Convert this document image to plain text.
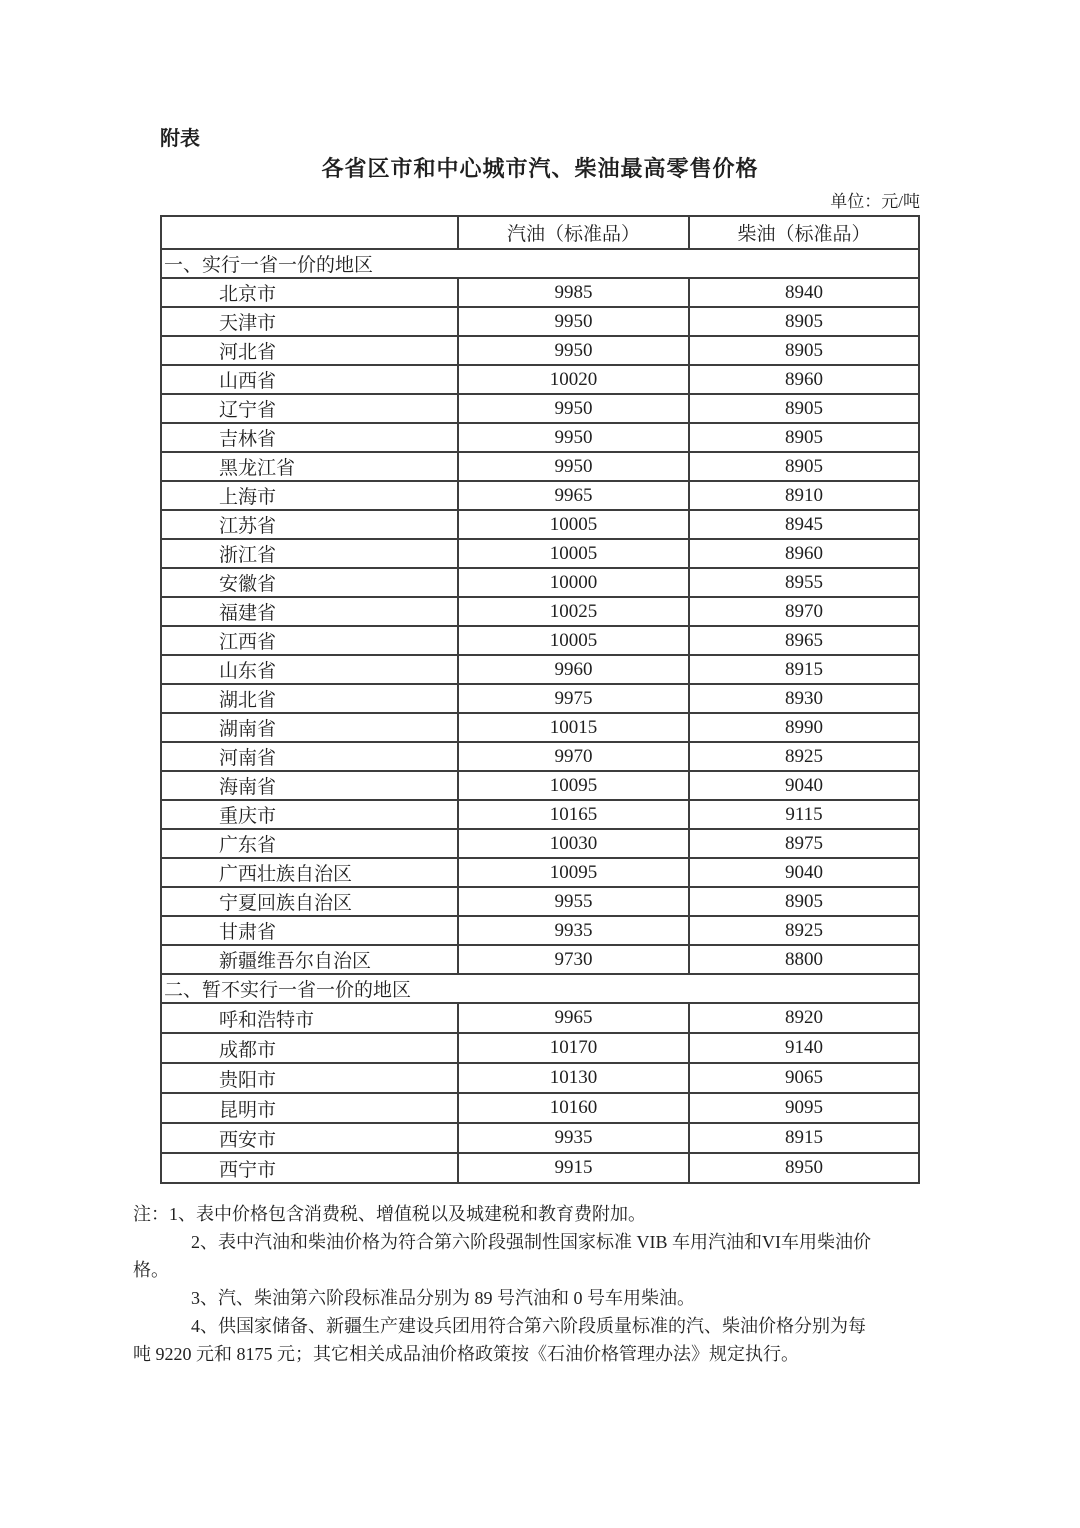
附表
各省区市和中心城市汽、柴油最高零售价格
单位：元/吨
	汽油（标准品）	柴油（标准品）
一、实行一省一价的地区		
北京市	9985	8940
天津市	9950	8905
河北省	9950	8905
山西省	10020	8960
辽宁省	9950	8905
吉林省	9950	8905
黑龙江省	9950	8905
上海市	9965	8910
江苏省	10005	8945
浙江省	10005	8960
安徽省	10000	8955
福建省	10025	8970
江西省	10005	8965
山东省	9960	8915
湖北省	9975	8930
湖南省	10015	8990
河南省	9970	8925
海南省	10095	9040
重庆市	10165	9115
广东省	10030	8975
广西壮族自治区	10095	9040
宁夏回族自治区	9955	8905
甘肃省	9935	8925
新疆维吾尔自治区	9730	8800
二、暂不实行一省一价的地区		
呼和浩特市	9965	8920
成都市	10170	9140
贵阳市	10130	9065
昆明市	10160	9095
西安市	9935	8915
西宁市	9915	8950
注：1、表中价格包含消费税、增值税以及城建税和教育费附加。
2、表中汽油和柴油价格为符合第六阶段强制性国家标准 VIB 车用汽油和VI车用柴油价
格。
3、汽、柴油第六阶段标准品分别为 89 号汽油和 0 号车用柴油。
4、供国家储备、新疆生产建设兵团用符合第六阶段质量标准的汽、柴油价格分别为每
吨 9220 元和 8175 元；其它相关成品油价格政策按《石油价格管理办法》规定执行。
